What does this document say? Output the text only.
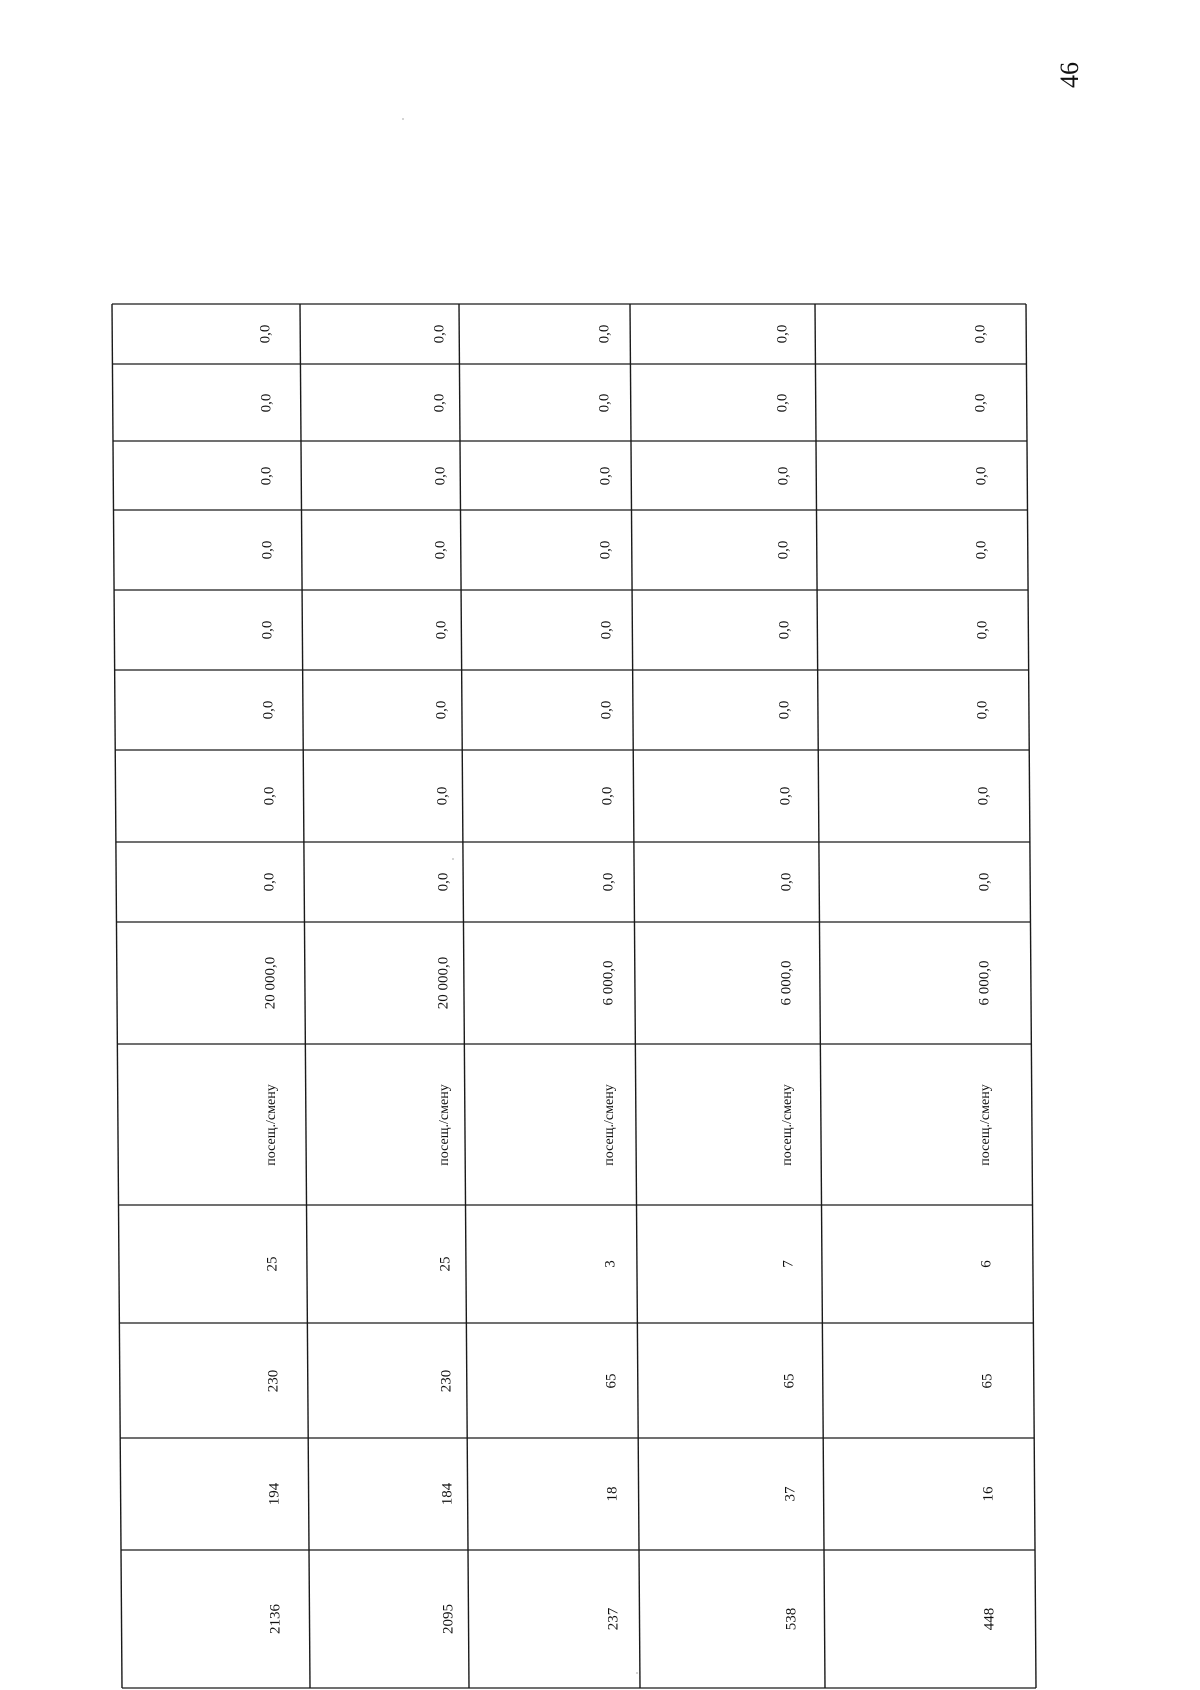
46
2136
194
230
25
посещ./смену
20 000,0
0,0
0,0
0,0
0,0
0,0
0,0
0,0
0,0
2095
184
230
25
посещ./смену
20 000,0
0,0
0,0
0,0
0,0
0,0
0,0
0,0
0,0
237
18
65
3
посещ./смену
6 000,0
0,0
0,0
0,0
0,0
0,0
0,0
0,0
0,0
538
37
65
7
посещ./смену
6 000,0
0,0
0,0
0,0
0,0
0,0
0,0
0,0
0,0
448
16
65
6
посещ./смену
6 000,0
0,0
0,0
0,0
0,0
0,0
0,0
0,0
0,0
